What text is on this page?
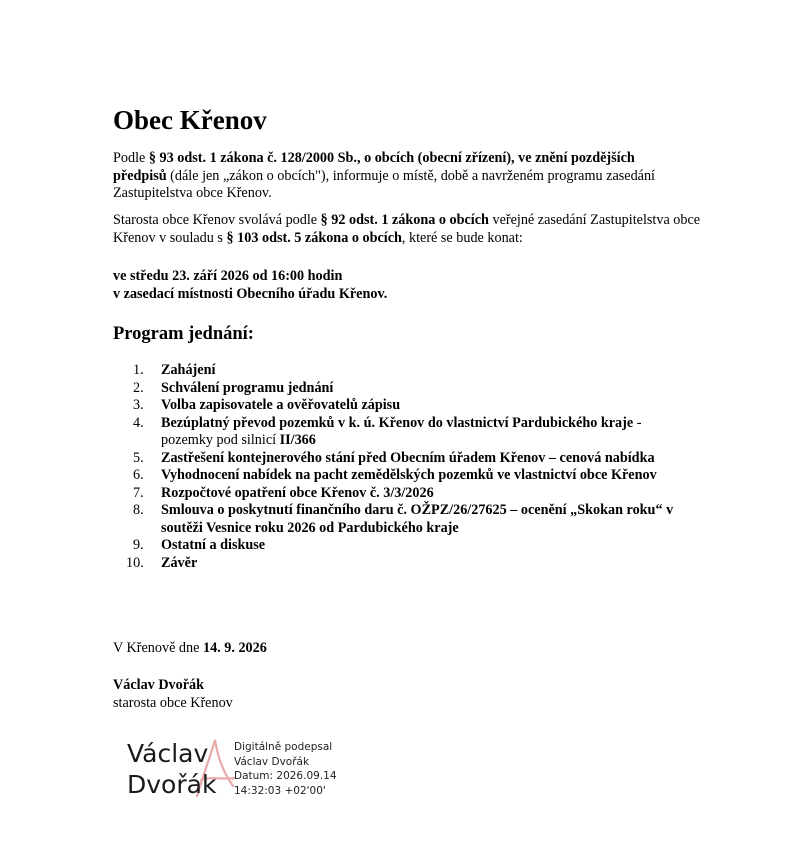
Obec Křenov

Podle § 93 odst. 1 zákona č. 128/2000 Sb., o obcích (obecní zřízení), ve znění pozdějších předpisů (dále jen „zákon o obcích"), informuje o místě, době a navrženém programu zasedání Zastupitelstva obce Křenov.

Starosta obce Křenov svolává podle § 92 odst. 1 zákona o obcích veřejné zasedání Zastupitelstva obce Křenov v souladu s § 103 odst. 5 zákona o obcích, které se bude konat:

ve středu 23. září 2026 od 16:00 hodin

v zasedací místnosti Obecního úřadu Křenov.

Program jednání:
1.	Zahájení
2.	Schválení programu jednání
3.	Volba zapisovatele a ověřovatelů zápisu
4.	Bezúplatný převod pozemků v k. ú. Křenov do vlastnictví Pardubického kraje - pozemky pod silnicí II/366
5.	Zastřešení kontejnerového stání před Obecním úřadem Křenov – cenová nabídka
6.	Vyhodnocení nabídek na pacht zemědělských pozemků ve vlastnictví obce Křenov
7.	Rozpočtové opatření obce Křenov č. 3/3/2026
8.	Smlouva o poskytnutí finančního daru č. OŽPZ/26/27625 – ocenění „Skokan roku“ v soutěži Vesnice roku 2026 od Pardubického kraje
9.	Ostatní a diskuse
10.	Závěr

V Křenově dne 14. 9. 2026

Václav Dvořák

starosta obce Křenov

Václav
Dvořák
Digitálně podepsal
Václav Dvořák
Datum: 2026.09.14
14:32:03 +02'00'
